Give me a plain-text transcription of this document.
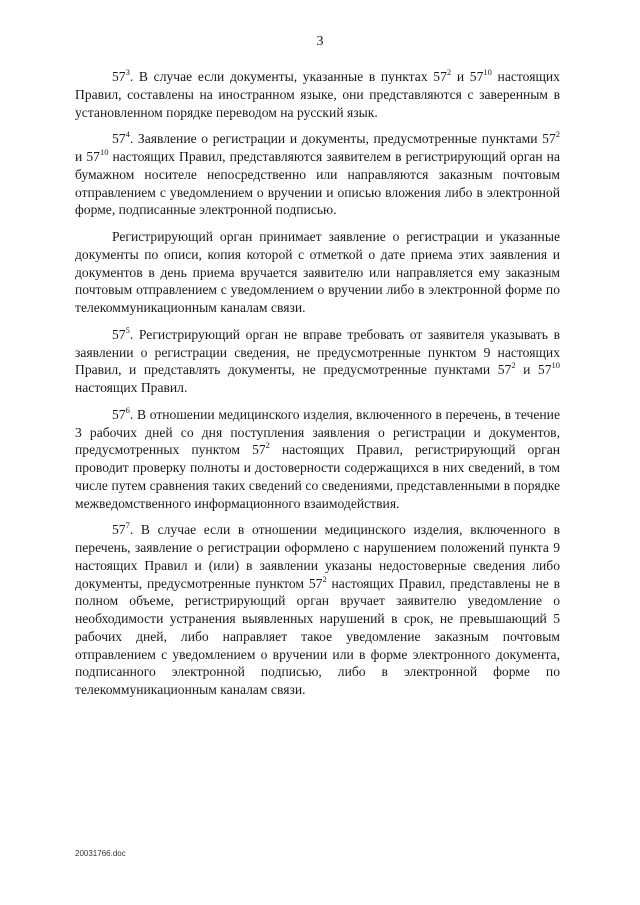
3

$57^3$. В случае если документы, указанные в пунктах $57^2$ и $57^{10}$ настоящих Правил, составлены на иностранном языке, они представляются с заверенным в установленном порядке переводом на русский язык.

$57^4$. Заявление о регистрации и документы, предусмотренные пунктами $57^2$ и $57^{10}$ настоящих Правил, представляются заявителем в регистрирующий орган на бумажном носителе непосредственно или направляются заказным почтовым отправлением с уведомлением о вручении и описью вложения либо в электронной форме, подписанные электронной подписью.

Регистрирующий орган принимает заявление о регистрации и указанные документы по описи, копия которой с отметкой о дате приема этих заявления и документов в день приема вручается заявителю или направляется ему заказным почтовым отправлением с уведомлением о вручении либо в электронной форме по телекоммуникационным каналам связи.

$57^5$. Регистрирующий орган не вправе требовать от заявителя указывать в заявлении о регистрации сведения, не предусмотренные пунктом 9 настоящих Правил, и представлять документы, не предусмотренные пунктами $57^2$ и $57^{10}$ настоящих Правил.

$57^6$. В отношении медицинского изделия, включенного в перечень, в течение 3 рабочих дней со дня поступления заявления о регистрации и документов, предусмотренных пунктом $57^2$ настоящих Правил, регистрирующий орган проводит проверку полноты и достоверности содержащихся в них сведений, в том числе путем сравнения таких сведений со сведениями, представленными в порядке межведомственного информационного взаимодействия.

$57^7$. В случае если в отношении медицинского изделия, включенного в перечень, заявление о регистрации оформлено с нарушением положений пункта 9 настоящих Правил и (или) в заявлении указаны недостоверные сведения либо документы, предусмотренные пунктом $57^2$ настоящих Правил, представлены не в полном объеме, регистрирующий орган вручает заявителю уведомление о необходимости устранения выявленных нарушений в срок, не превышающий 5 рабочих дней, либо направляет такое уведомление заказным почтовым отправлением с уведомлением о вручении или в форме электронного документа, подписанного электронной подписью, либо в электронной форме по телекоммуникационным каналам связи.

20031766.doc
